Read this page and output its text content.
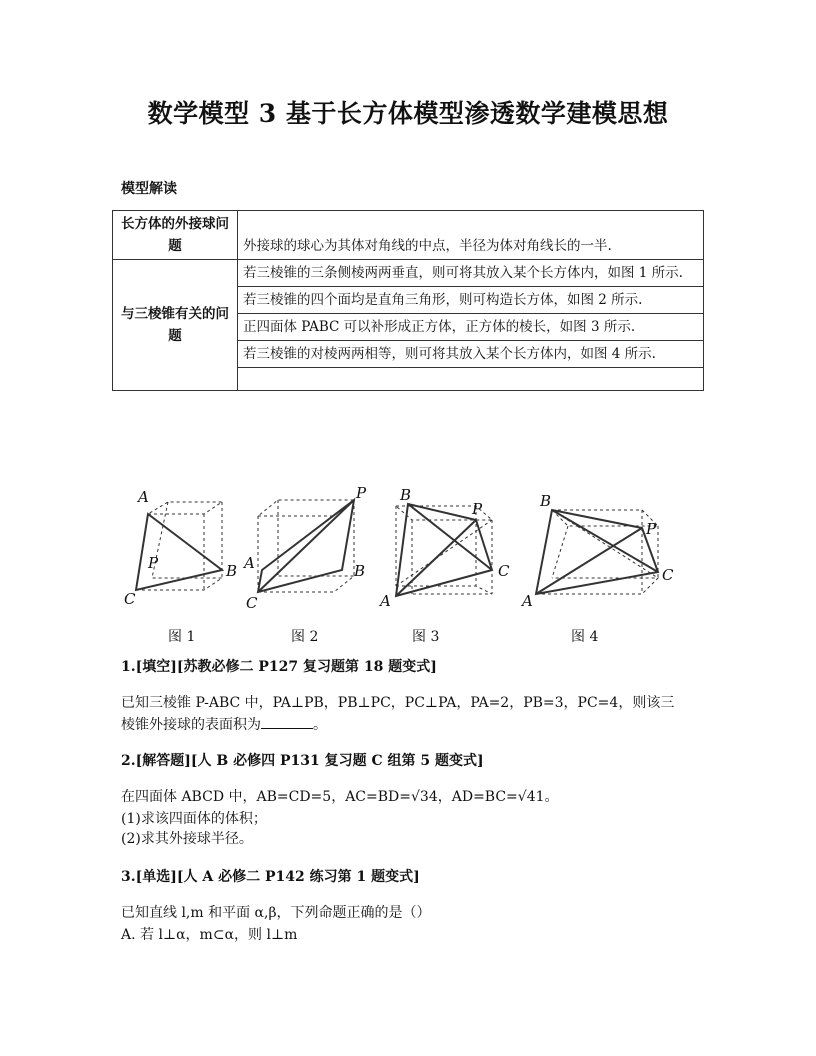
数学模型 3 基于长方体模型渗透数学建模思想
模型解读
长方体的外接球问题	外接球的球心为其体对角线的中点，半径为体对角线长的一半.
与三棱锥有关的问题	若三棱锥的三条侧棱两两垂直，则可将其放入某个长方体内，如图 1 所示.
	若三棱锥的四个面均是直角三角形，则可构造长方体，如图 2 所示.
	正四面体 PABC 可以补形成正方体，正方体的棱长，如图 3 所示.
	若三棱锥的对棱两两相等，则可将其放入某个长方体内，如图 4 所示.

A
P	B
C
P
A	B
C
B
P
C
A
B
P
C
A
图 1	图 2	图 3	图 4
1.[填空][苏教必修二 P127 复习题第 18 题变式]
已知三棱锥 P-ABC 中，PA⊥PB，PB⊥PC，PC⊥PA，PA=2，PB=3，PC=4，则该三
棱锥外接球的表面积为	。
2.[解答题][人 B 必修四 P131 复习题 C 组第 5 题变式]
在四面体 ABCD 中，AB=CD=5，AC=BD=√34，AD=BC=√41。
(1)求该四面体的体积；
(2)求其外接球半径。
3.[单选][人 A 必修二 P142 练习第 1 题变式]
已知直线 l,m 和平面 α,β，下列命题正确的是（）
A. 若 l⊥α，m⊂α，则 l⊥m
